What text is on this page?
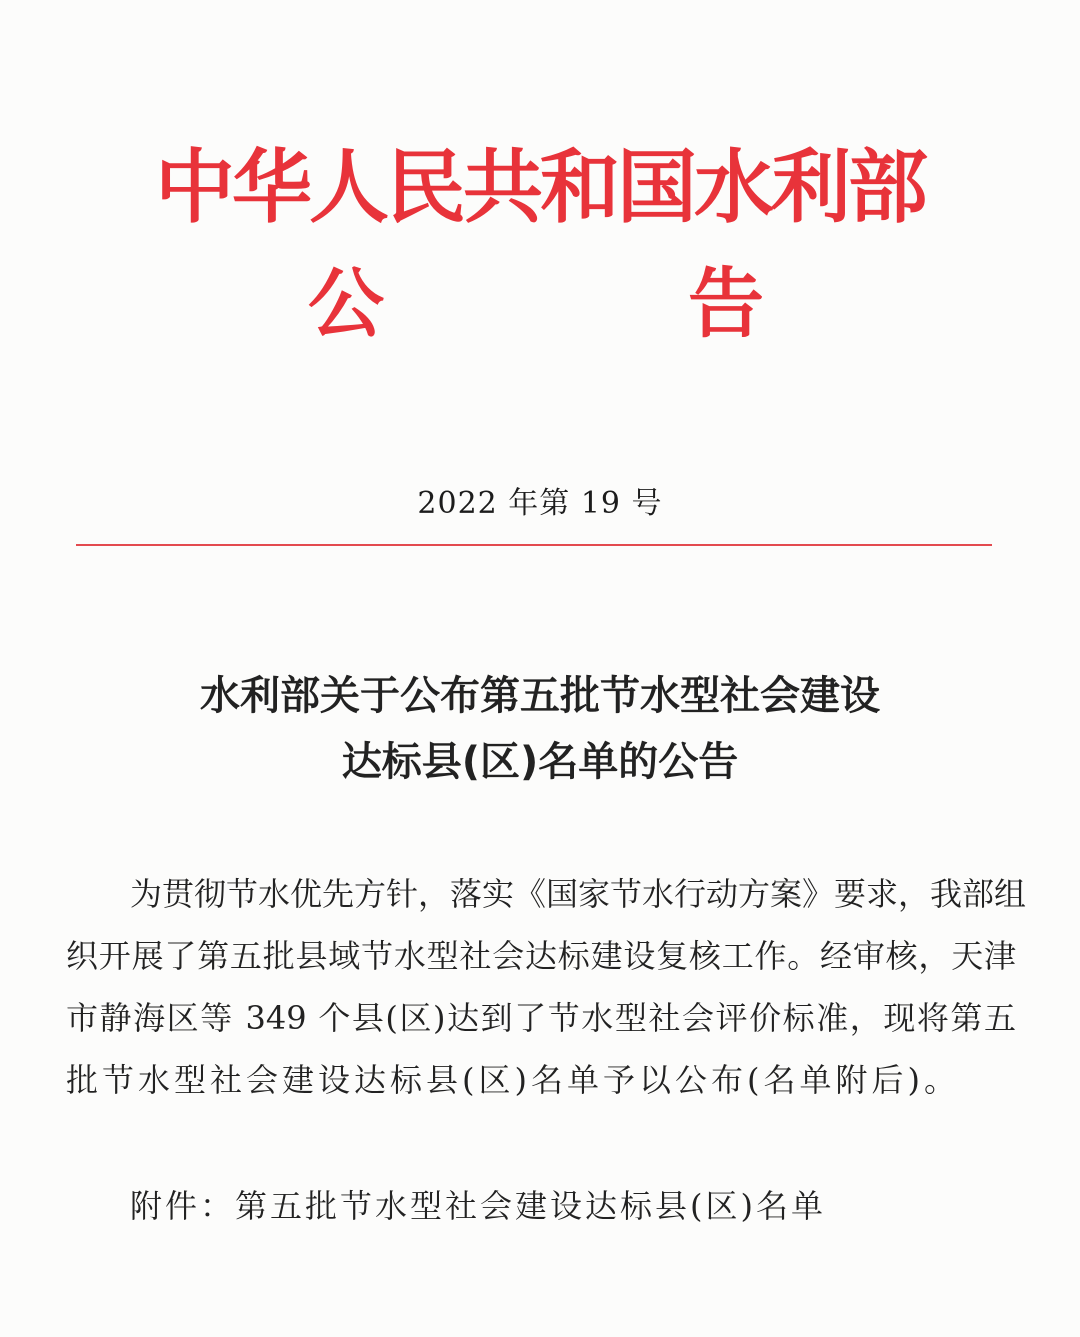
中华人民共和国水利部
公	告
2022 年第 19 号
水利部关于公布第五批节水型社会建设
达标县(区)名单的公告
为贯彻节水优先方针，落实《国家节水行动方案》要求，我部组
织开展了第五批县域节水型社会达标建设复核工作。经审核，天津
市静海区等 349 个县(区)达到了节水型社会评价标准，现将第五
批节水型社会建设达标县(区)名单予以公布(名单附后)。
附件：第五批节水型社会建设达标县(区)名单
